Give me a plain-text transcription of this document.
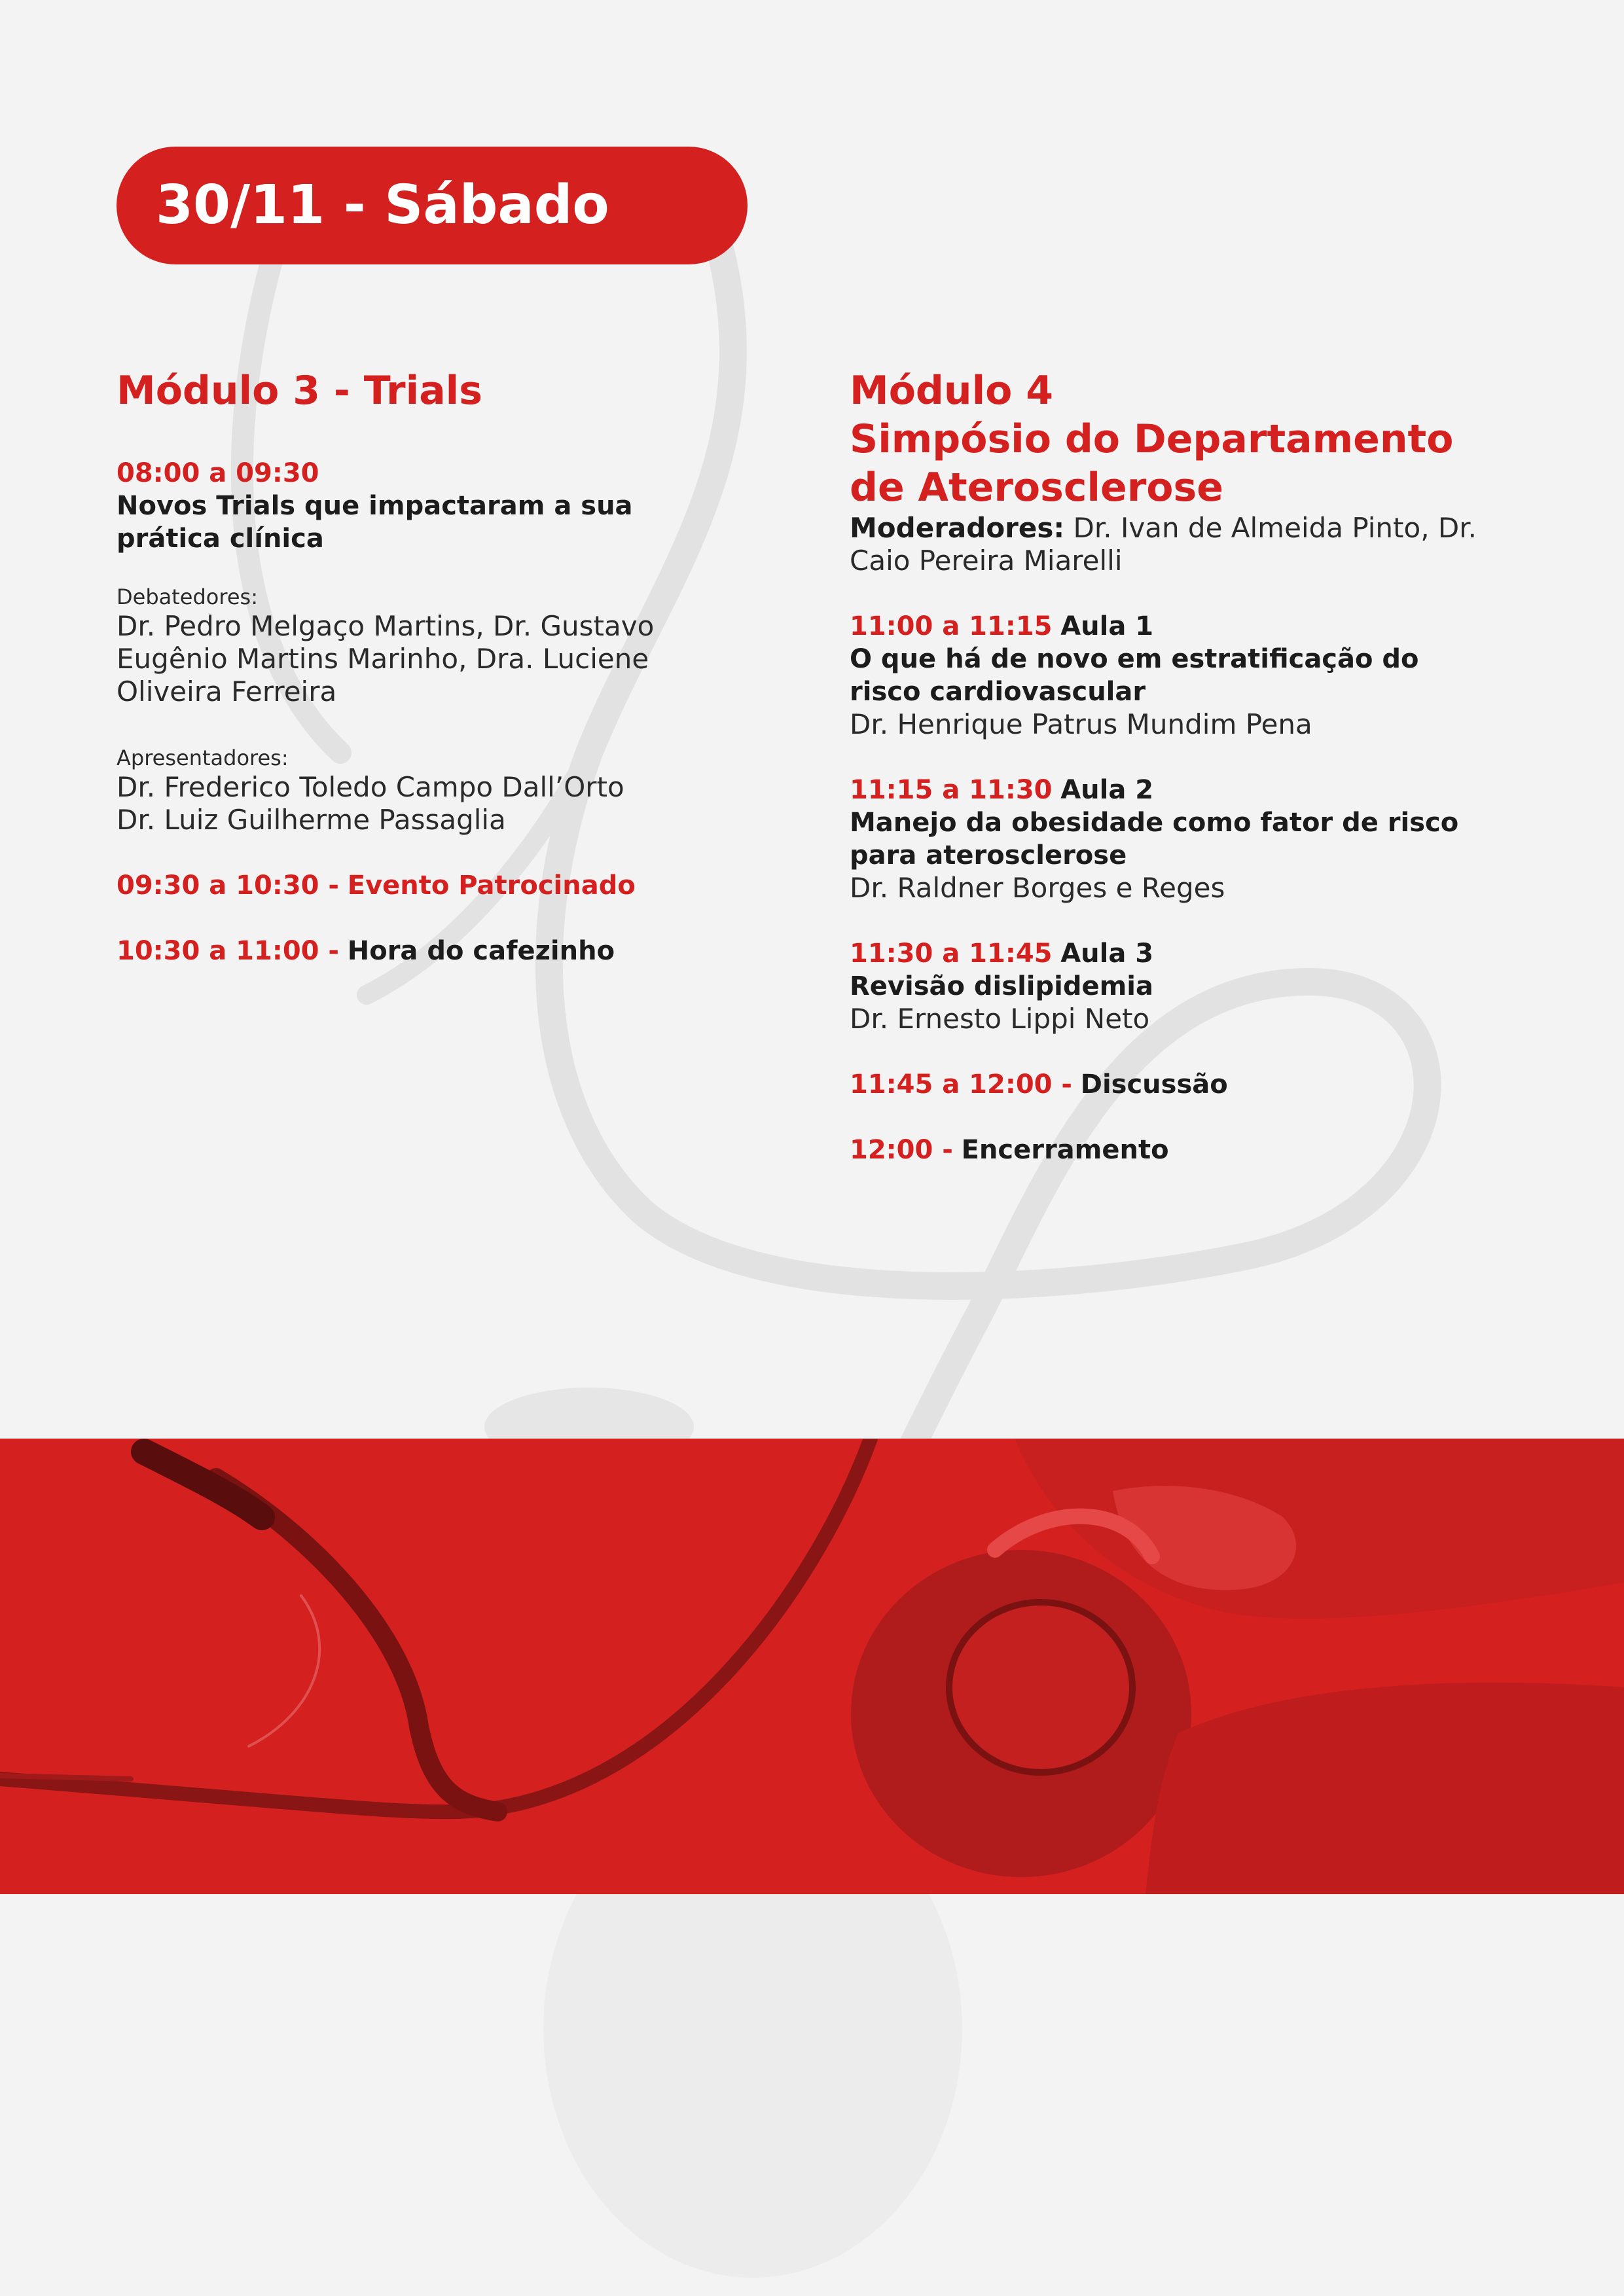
30/11 - Sábado
Módulo 3 - Trials
08:00 a 09:30
Novos Trials que impactaram a sua
prática clínica
Debatedores:
Dr. Pedro Melgaço Martins, Dr. Gustavo
Eugênio Martins Marinho, Dra. Luciene
Oliveira Ferreira
Apresentadores:
Dr. Frederico Toledo Campo Dall’Orto
Dr. Luiz Guilherme Passaglia
09:30 a 10:30 - Evento Patrocinado
10:30 a 11:00 - Hora do cafezinho
Módulo 4
Simpósio do Departamento
de Aterosclerose
Moderadores: Dr. Ivan de Almeida Pinto, Dr.
Caio Pereira Miarelli
11:00 a 11:15 Aula 1
O que há de novo em estratificação do
risco cardiovascular
Dr. Henrique Patrus Mundim Pena
11:15 a 11:30 Aula 2
Manejo da obesidade como fator de risco
para aterosclerose
Dr. Raldner Borges e Reges
11:30 a 11:45 Aula 3
Revisão dislipidemia
Dr. Ernesto Lippi Neto
11:45 a 12:00 - Discussão
12:00 - Encerramento
